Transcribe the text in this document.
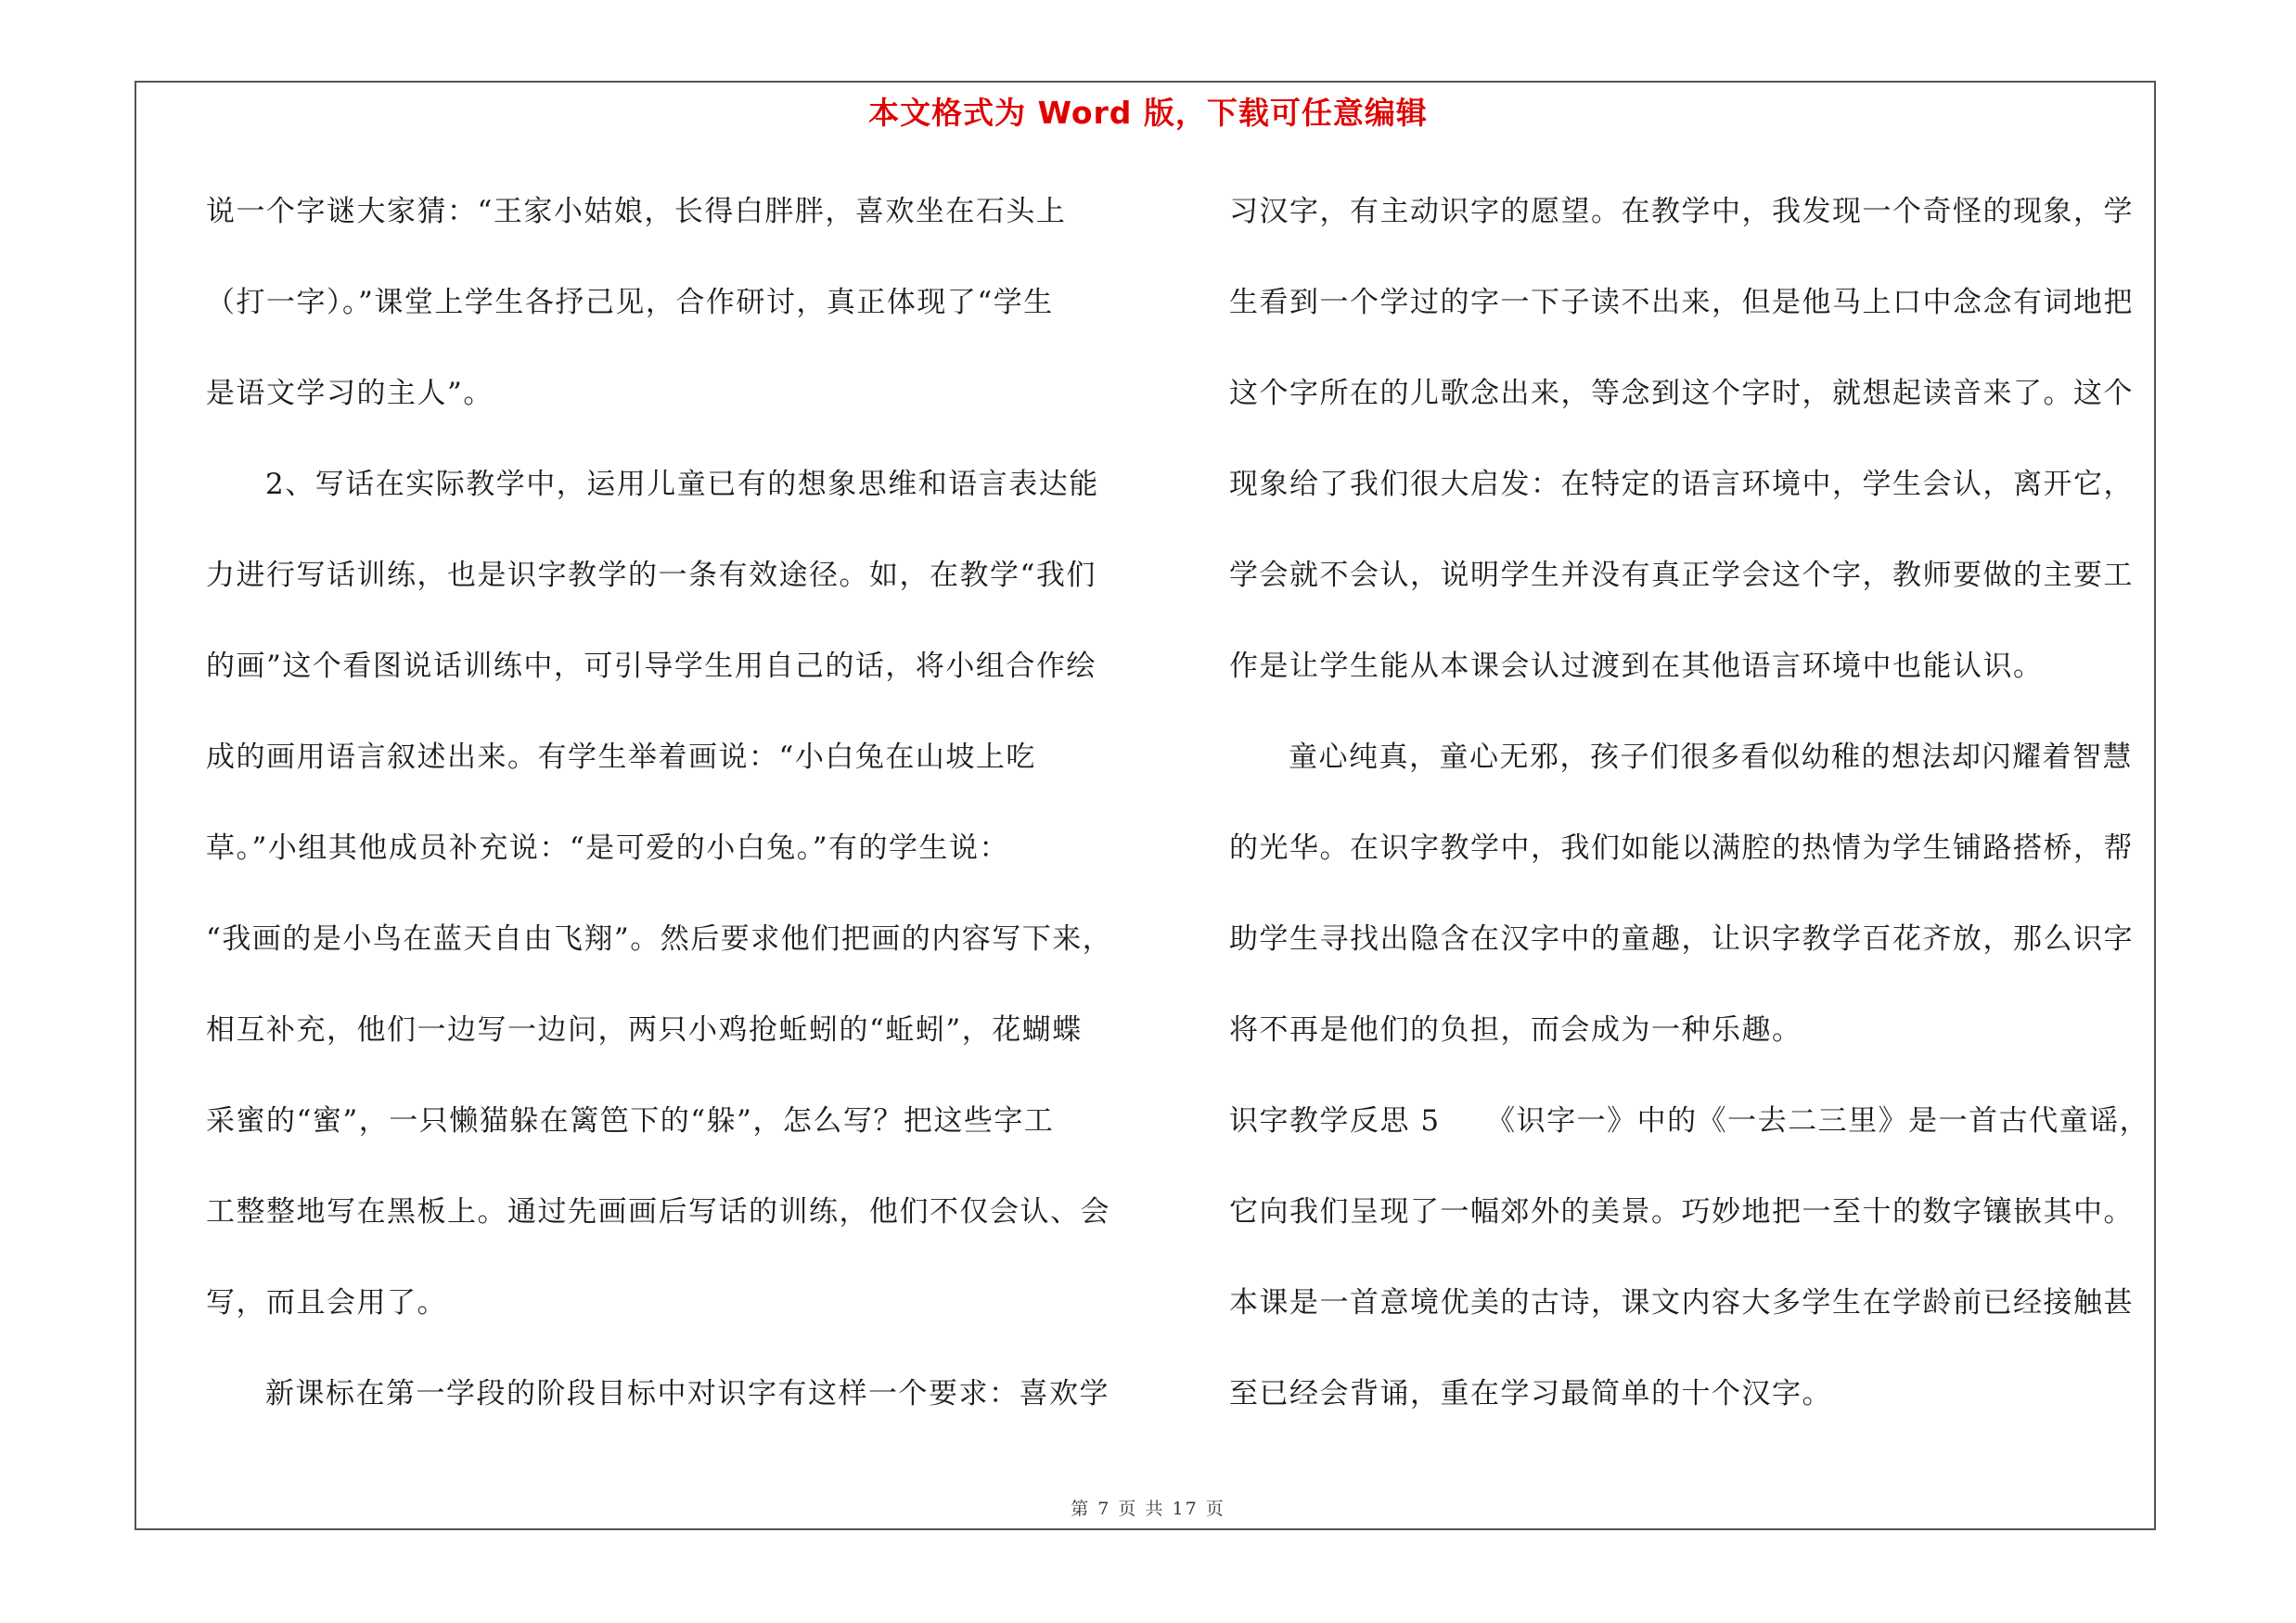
本文格式为 Word 版，下载可任意编辑
说一个字谜大家猜：“王家小姑娘，长得白胖胖，喜欢坐在石头上
（打一字）。”课堂上学生各抒己见，合作研讨，真正体现了“学生
是语文学习的主人”。
2、写话在实际教学中，运用儿童已有的想象思维和语言表达能
力进行写话训练，也是识字教学的一条有效途径。如，在教学“我们
的画”这个看图说话训练中，可引导学生用自己的话，将小组合作绘
成的画用语言叙述出来。有学生举着画说：“小白兔在山坡上吃
草。”小组其他成员补充说：“是可爱的小白兔。”有的学生说：
“我画的是小鸟在蓝天自由飞翔”。然后要求他们把画的内容写下来，
相互补充，他们一边写一边问，两只小鸡抢蚯蚓的“蚯蚓”，花蝴蝶
采蜜的“蜜”，一只懒猫躲在篱笆下的“躲”，怎么写？把这些字工
工整整地写在黑板上。通过先画画后写话的训练，他们不仅会认、会
写，而且会用了。
新课标在第一学段的阶段目标中对识字有这样一个要求：喜欢学
习汉字，有主动识字的愿望。在教学中，我发现一个奇怪的现象，学
生看到一个学过的字一下子读不出来，但是他马上口中念念有词地把
这个字所在的儿歌念出来，等念到这个字时，就想起读音来了。这个
现象给了我们很大启发：在特定的语言环境中，学生会认，离开它，
学会就不会认，说明学生并没有真正学会这个字，教师要做的主要工
作是让学生能从本课会认过渡到在其他语言环境中也能认识。
童心纯真，童心无邪，孩子们很多看似幼稚的想法却闪耀着智慧
的光华。在识字教学中，我们如能以满腔的热情为学生铺路搭桥，帮
助学生寻找出隐含在汉字中的童趣，让识字教学百花齐放，那么识字
将不再是他们的负担，而会成为一种乐趣。
识字教学反思 5　　《识字一》中的《一去二三里》是一首古代童谣，
它向我们呈现了一幅郊外的美景。巧妙地把一至十的数字镶嵌其中。
本课是一首意境优美的古诗，课文内容大多学生在学龄前已经接触甚
至已经会背诵，重在学习最简单的十个汉字。
第 7 页 共 17 页
